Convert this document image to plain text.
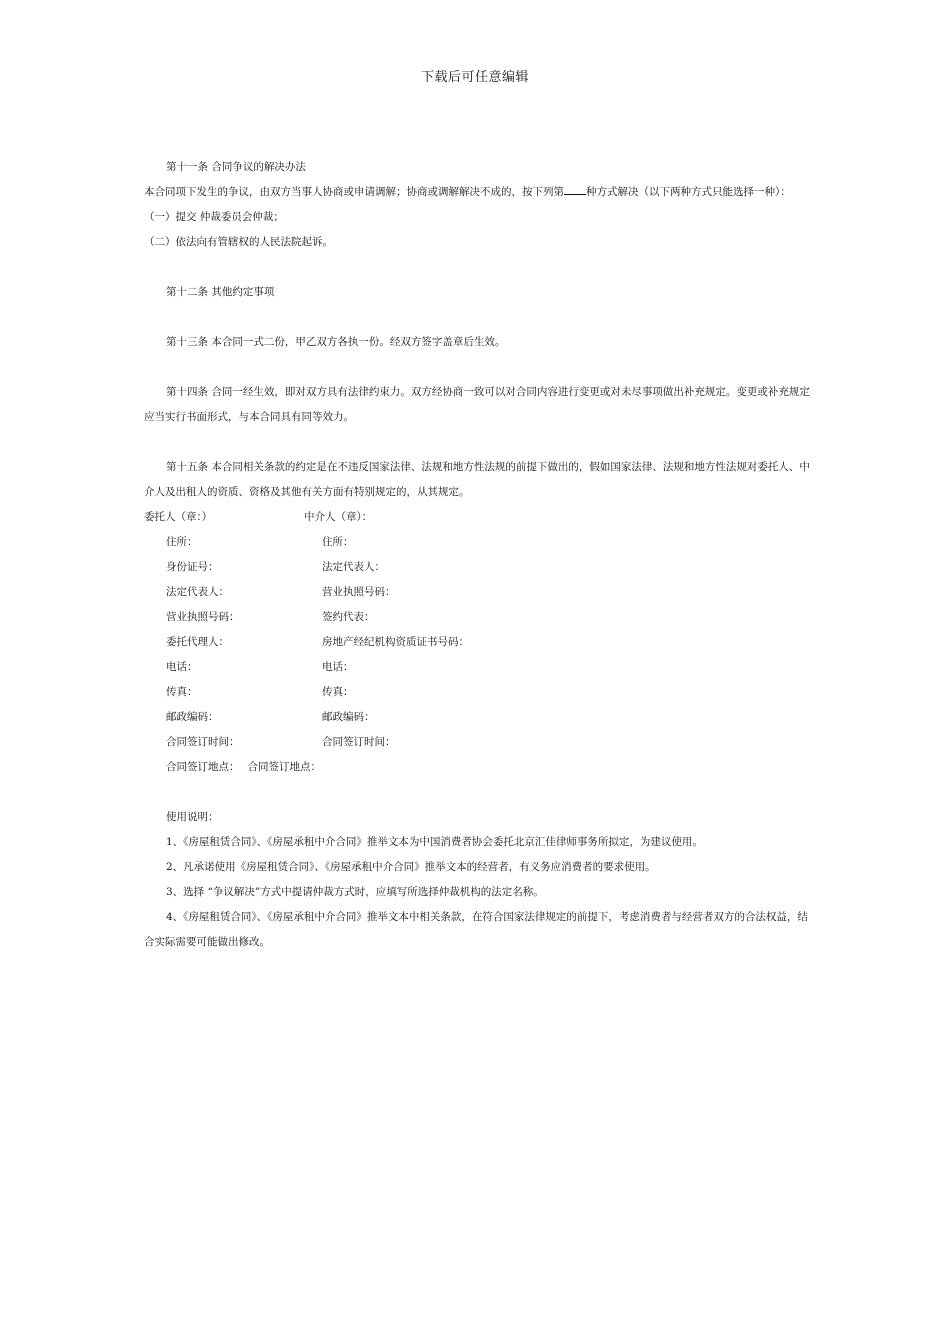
下载后可任意编辑

第十一条 合同争议的解决办法

本合同项下发生的争议，由双方当事人协商或申请调解；协商或调解解决不成的，按下列第 种方式解决（以下两种方式只能选择一种）：

（一）提交 仲裁委员会仲裁；

（二）依法向有管辖权的人民法院起诉。

第十二条 其他约定事项

第十三条 本合同一式二份，甲乙双方各执一份。经双方签字盖章后生效。

第十四条 合同一经生效，即对双方具有法律约束力。双方经协商一致可以对合同内容进行变更或对未尽事项做出补充规定。变更或补充规定应当实行书面形式，与本合同具有同等效力。

第十五条 本合同相关条款的约定是在不违反国家法律、法规和地方性法规的前提下做出的，假如国家法律、法规和地方性法规对委托人、中介人及出租人的资质、资格及其他有关方面有特别规定的，从其规定。

委托人（章：）	中介人（章）：
住所：	住所：
身份证号：	法定代表人：
法定代表人：	营业执照号码：
营业执照号码：	签约代表：
委托代理人：	房地产经纪机构资质证书号码：
电话：	电话：
传真：	传真：
邮政编码：	邮政编码：
合同签订时间：	合同签订时间：
合同签订地点： 合同签订地点：

使用说明：

1、《房屋租赁合同》、《房屋承租中介合同》推举文本为中国消费者协会委托北京汇佳律师事务所拟定，为建议使用。

2、凡承诺使用《房屋租赁合同》、《房屋承租中介合同》推举文本的经营者，有义务应消费者的要求使用。

3、选择 “争议解决”方式中提请仲裁方式时，应填写所选择仲裁机构的法定名称。

4、《房屋租赁合同》、《房屋承租中介合同》推举文本中相关条款，在符合国家法律规定的前提下，考虑消费者与经营者双方的合法权益，结合实际需要可能做出修改。
